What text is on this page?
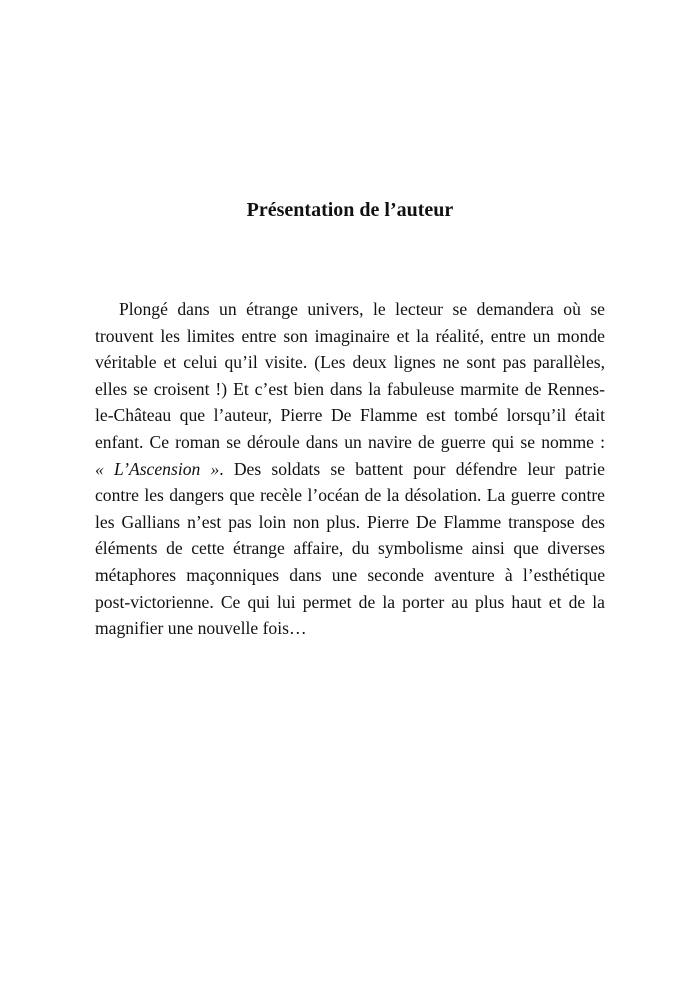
Présentation de l’auteur
Plongé dans un étrange univers, le lecteur se demandera où se
trouvent les limites entre son imaginaire et la réalité, entre un monde
véritable et celui qu’il visite. (Les deux lignes ne sont pas parallèles,
elles se croisent !) Et c’est bien dans la fabuleuse marmite de Rennes-
le-Château que l’auteur, Pierre De Flamme est tombé lorsqu’il était
enfant. Ce roman se déroule dans un navire de guerre qui se nomme :
« L’Ascension ». Des soldats se battent pour défendre leur patrie
contre les dangers que recèle l’océan de la désolation. La guerre contre
les Gallians n’est pas loin non plus. Pierre De Flamme transpose des
éléments de cette étrange affaire, du symbolisme ainsi que diverses
métaphores maçonniques dans une seconde aventure à l’esthétique
post-victorienne. Ce qui lui permet de la porter au plus haut et de la
magnifier une nouvelle fois…
